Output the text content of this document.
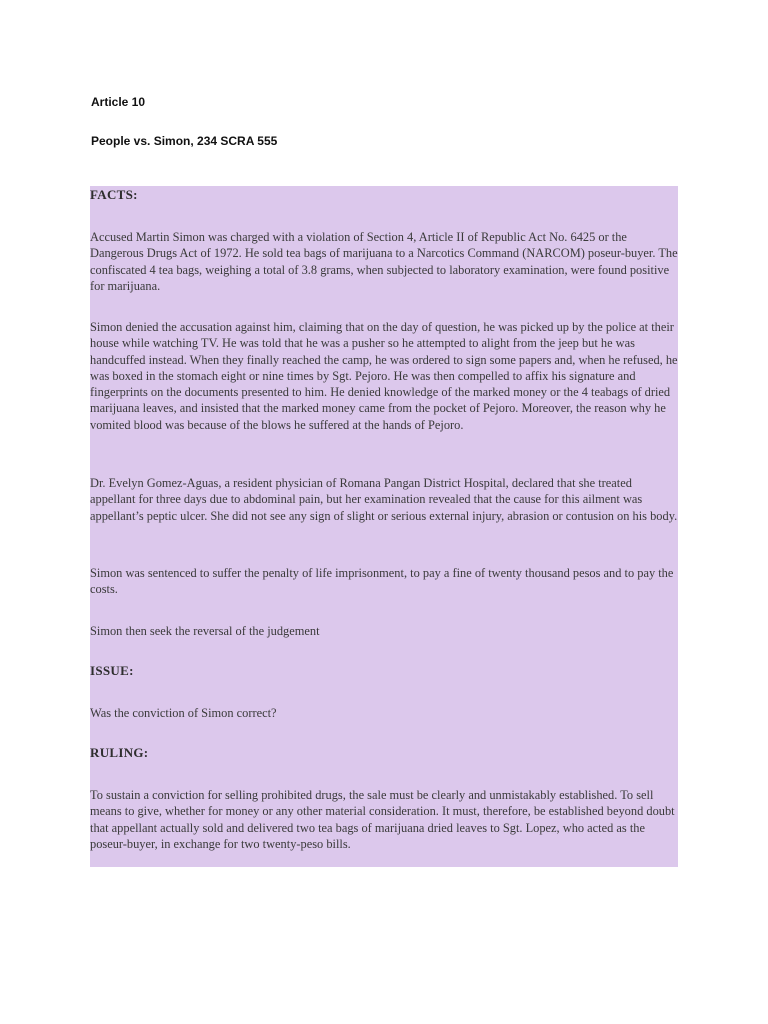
Article 10
People vs. Simon, 234 SCRA 555

FACTS:

Accused Martin Simon was charged with a violation of Section 4, Article II of Republic Act No. 6425 or the Dangerous Drugs Act of 1972. He sold tea bags of marijuana to a Narcotics Command (NARCOM) poseur-buyer. The confiscated 4 tea bags, weighing a total of 3.8 grams, when subjected to laboratory examination, were found positive for marijuana.

Simon denied the accusation against him, claiming that on the day of question, he was picked up by the police at their house while watching TV. He was told that he was a pusher so he attempted to alight from the jeep but he was handcuffed instead. When they finally reached the camp, he was ordered to sign some papers and, when he refused, he was boxed in the stomach eight or nine times by Sgt. Pejoro. He was then compelled to affix his signature and fingerprints on the documents presented to him. He denied knowledge of the marked money or the 4 teabags of dried marijuana leaves, and insisted that the marked money came from the pocket of Pejoro. Moreover, the reason why he vomited blood was because of the blows he suffered at the hands of Pejoro.

Dr. Evelyn Gomez-Aguas, a resident physician of Romana Pangan District Hospital, declared that she treated appellant for three days due to abdominal pain, but her examination revealed that the cause for this ailment was appellant’s peptic ulcer. She did not see any sign of slight or serious external injury, abrasion or contusion on his body.

Simon was sentenced to suffer the penalty of life imprisonment, to pay a fine of twenty thousand pesos and to pay the costs.

Simon then seek the reversal of the judgement

ISSUE:

Was the conviction of Simon correct?

RULING:

To sustain a conviction for selling prohibited drugs, the sale must be clearly and unmistakably established. To sell means to give, whether for money or any other material consideration. It must, therefore, be established beyond doubt that appellant actually sold and delivered two tea bags of marijuana dried leaves to Sgt. Lopez, who acted as the poseur-buyer, in exchange for two twenty-peso bills.
